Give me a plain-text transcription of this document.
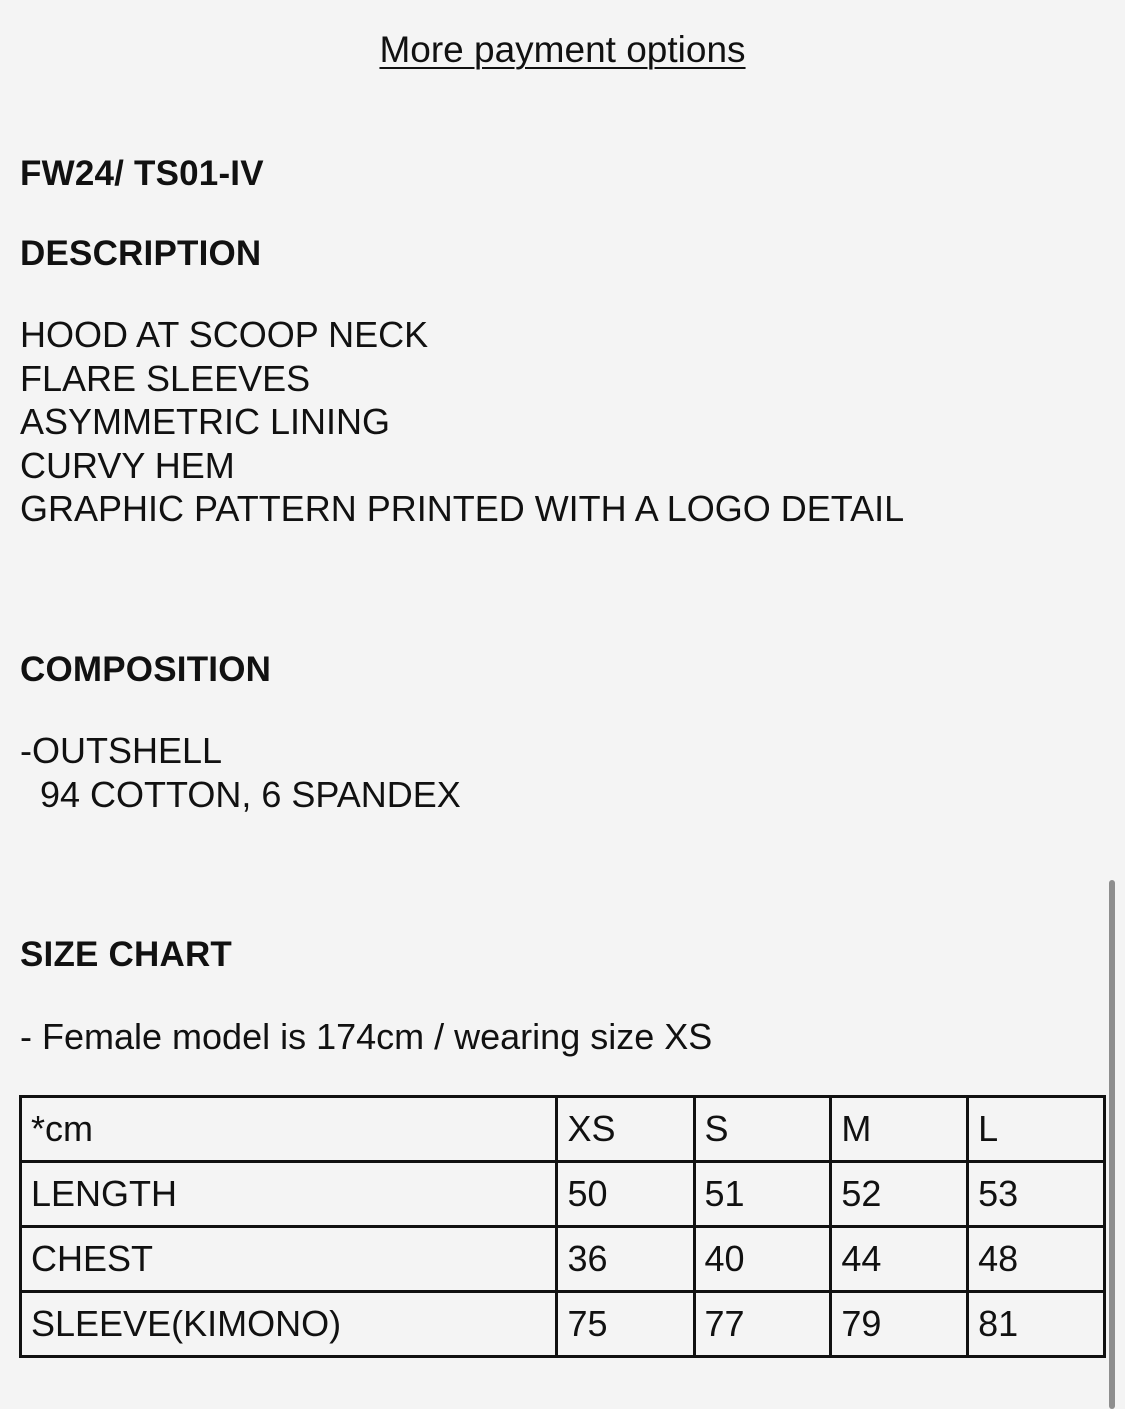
More payment options
FW24/ TS01-IV
DESCRIPTION
HOOD AT SCOOP NECK
FLARE SLEEVES
ASYMMETRIC LINING
CURVY HEM
GRAPHIC PATTERN PRINTED WITH A LOGO DETAIL
COMPOSITION
-OUTSHELL
94 COTTON, 6 SPANDEX
SIZE CHART
- Female model is 174cm / wearing size XS
*cm	XS	S	M	L
LENGTH	50	51	52	53
CHEST	36	40	44	48
SLEEVE(KIMONO)	75	77	79	81
